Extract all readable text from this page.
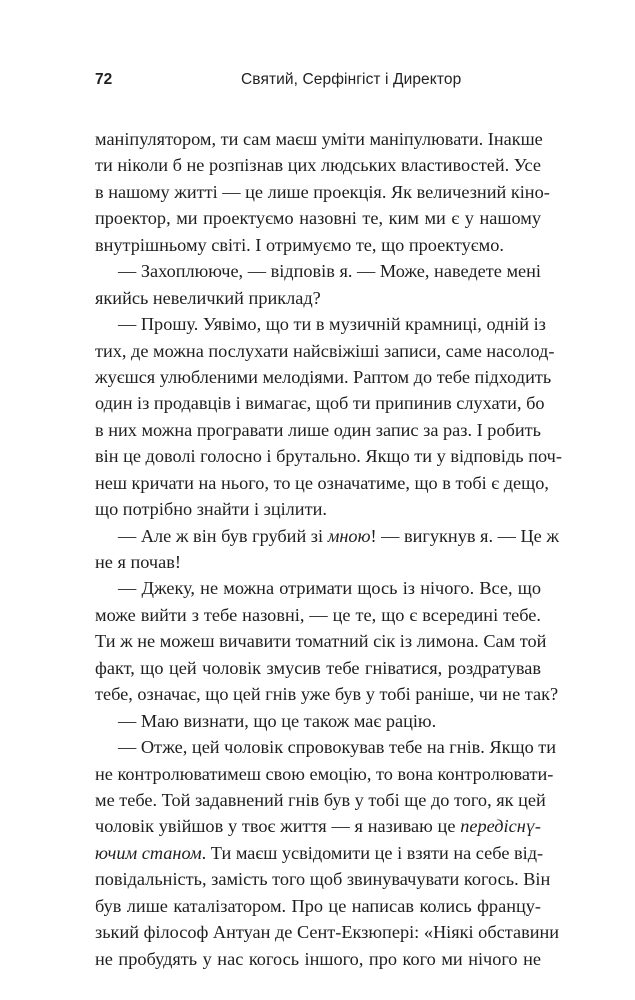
72	Святий, Серфінгіст і Директор
маніпулятором, ти сам маєш уміти маніпулювати. Інакше
ти ніколи б не розпізнав цих людських властивостей. Усе
в нашому житті — це лише проекція. Як величезний кіно-
проектор, ми проектуємо назовні те, ким ми є у нашому
внутрішньому світі. І отримуємо те, що проектуємо.
— Захоплююче, — відповів я. — Може, наведете мені
якийсь невеличкий приклад?
— Прошу. Уявімо, що ти в музичній крамниці, одній із
тих, де можна послухати найсвіжіші записи, саме насолод-
жуєшся улюбленими мелодіями. Раптом до тебе підходить
один із продавців і вимагає, щоб ти припинив слухати, бо
в них можна програвати лише один запис за раз. І робить
він це доволі голосно і брутально. Якщо ти у відповідь поч-
неш кричати на нього, то це означатиме, що в тобі є дещо,
що потрібно знайти і зцілити.
— Але ж він був грубий зі мною! — вигукнув я. — Це ж
не я почав!
— Джеку, не можна отримати щось із нічого. Все, що
може вийти з тебе назовні, — це те, що є всередині тебе.
Ти ж не можеш вичавити томатний сік із лимона. Сам той
факт, що цей чоловік змусив тебе гніватися, роздратував
тебе, означає, що цей гнів уже був у тобі раніше, чи не так?
— Маю визнати, що це також має рацію.
— Отже, цей чоловік спровокував тебе на гнів. Якщо ти
не контролюватимеш свою емоцію, то вона контролювати-
ме тебе. Той задавнений гнів був у тобі ще до того, як цей
чоловік увійшов у твоє життя — я називаю це передіснү-
ючим станом. Ти маєш усвідомити це і взяти на себе від-
повідальність, замість того щоб звинувачувати когось. Він
був лише каталізатором. Про це написав колись францу-
зький філософ Антуан де Сент-Екзюпері: «Ніякі обставини
не пробудять у нас когось іншого, про кого ми нічого не
